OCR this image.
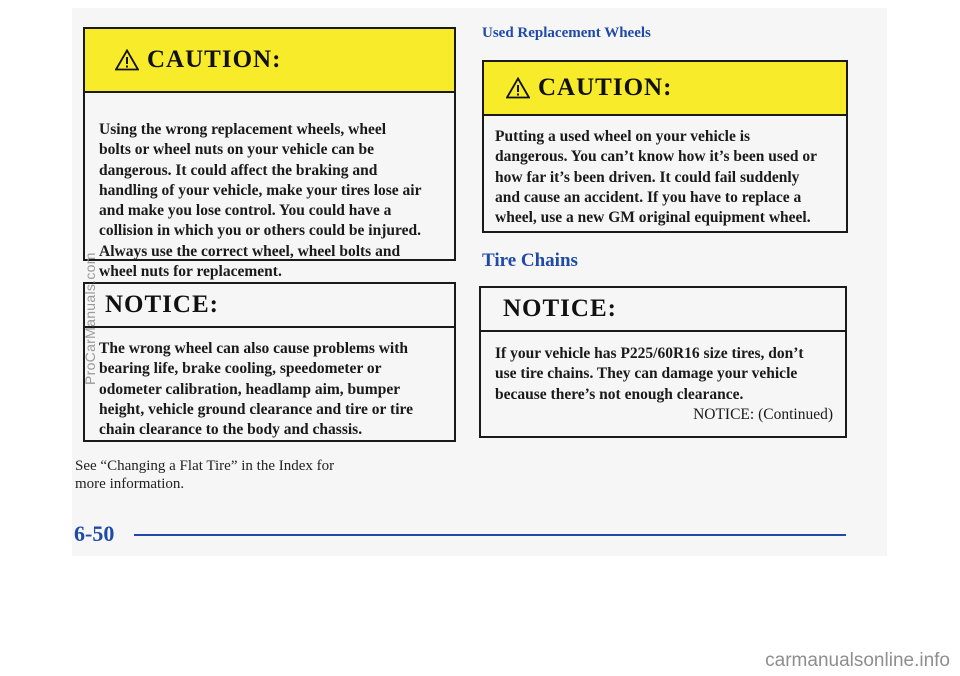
CAUTION:
Using the wrong replacement wheels, wheel
bolts or wheel nuts on your vehicle can be
dangerous. It could affect the braking and
handling of your vehicle, make your tires lose air
and make you lose control. You could have a
collision in which you or others could be injured.
Always use the correct wheel, wheel bolts and
wheel nuts for replacement.
NOTICE:
The wrong wheel can also cause problems with
bearing life, brake cooling, speedometer or
odometer calibration, headlamp aim, bumper
height, vehicle ground clearance and tire or tire
chain clearance to the body and chassis.
See “Changing a Flat Tire” in the Index for
more information.
Used Replacement Wheels
CAUTION:
Putting a used wheel on your vehicle is
dangerous. You can’t know how it’s been used or
how far it’s been driven. It could fail suddenly
and cause an accident. If you have to replace a
wheel, use a new GM original equipment wheel.
Tire Chains
NOTICE:
If your vehicle has P225/60R16 size tires, don’t
use tire chains. They can damage your vehicle
because there’s not enough clearance.
NOTICE: (Continued)
6-50
ProCarManuals.com
carmanualsonline.info
